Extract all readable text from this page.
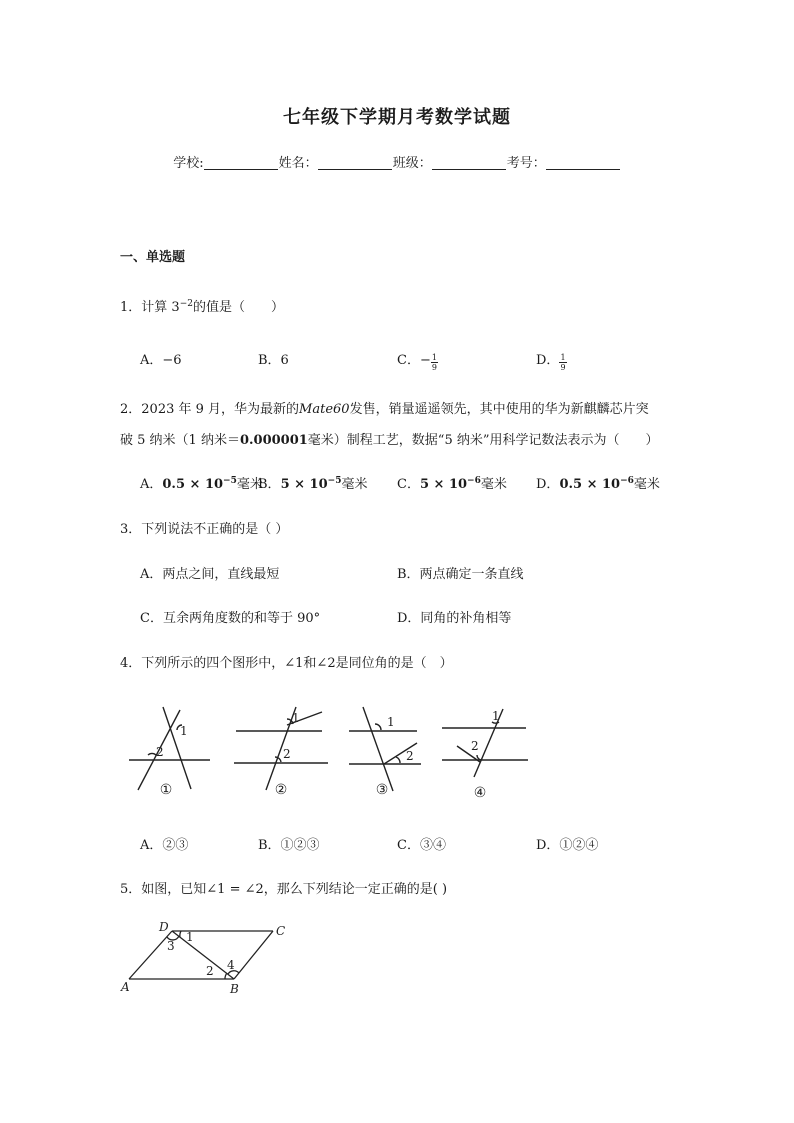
七年级下学期月考数学试题
学校:	姓名：	班级：	考号：
一、单选题
1．计算 $3^{-2}$的值是（　　）
A．−6	B．6	C．− $\frac{1}{9}$	D． $\frac{1}{9}$
2．2023 年 9 月，华为最新的Mate60发售，销量遥遥领先，其中使用的华为新麒麟芯片突
破 5 纳米（1 纳米＝0.000001毫米）制程工艺，数据“5 纳米”用科学记数法表示为（　　）
A．$0.5 \times 10^{-5}$毫米
B．$5 \times 10^{-5}$毫米 C．$5 \times 10^{-6}$毫米 D．$0.5 \times 10^{-6}$毫米
3．下列说法不正确的是（ ）
A．两点之间，直线最短	B．两点确定一条直线
C．互余两角度数的和等于 90°	D．同角的补角相等
4．下列所示的四个图形中，∠1和∠2是同位角的是（　）
1
2
1
2
1
2
1
2
①	②	③	④
A	B
C
D
1
2
3
4
A．②③	B．①②③	C．③④	D．①②④
5．如图，已知∠1 = ∠2，那么下列结论一定正确的是( )
